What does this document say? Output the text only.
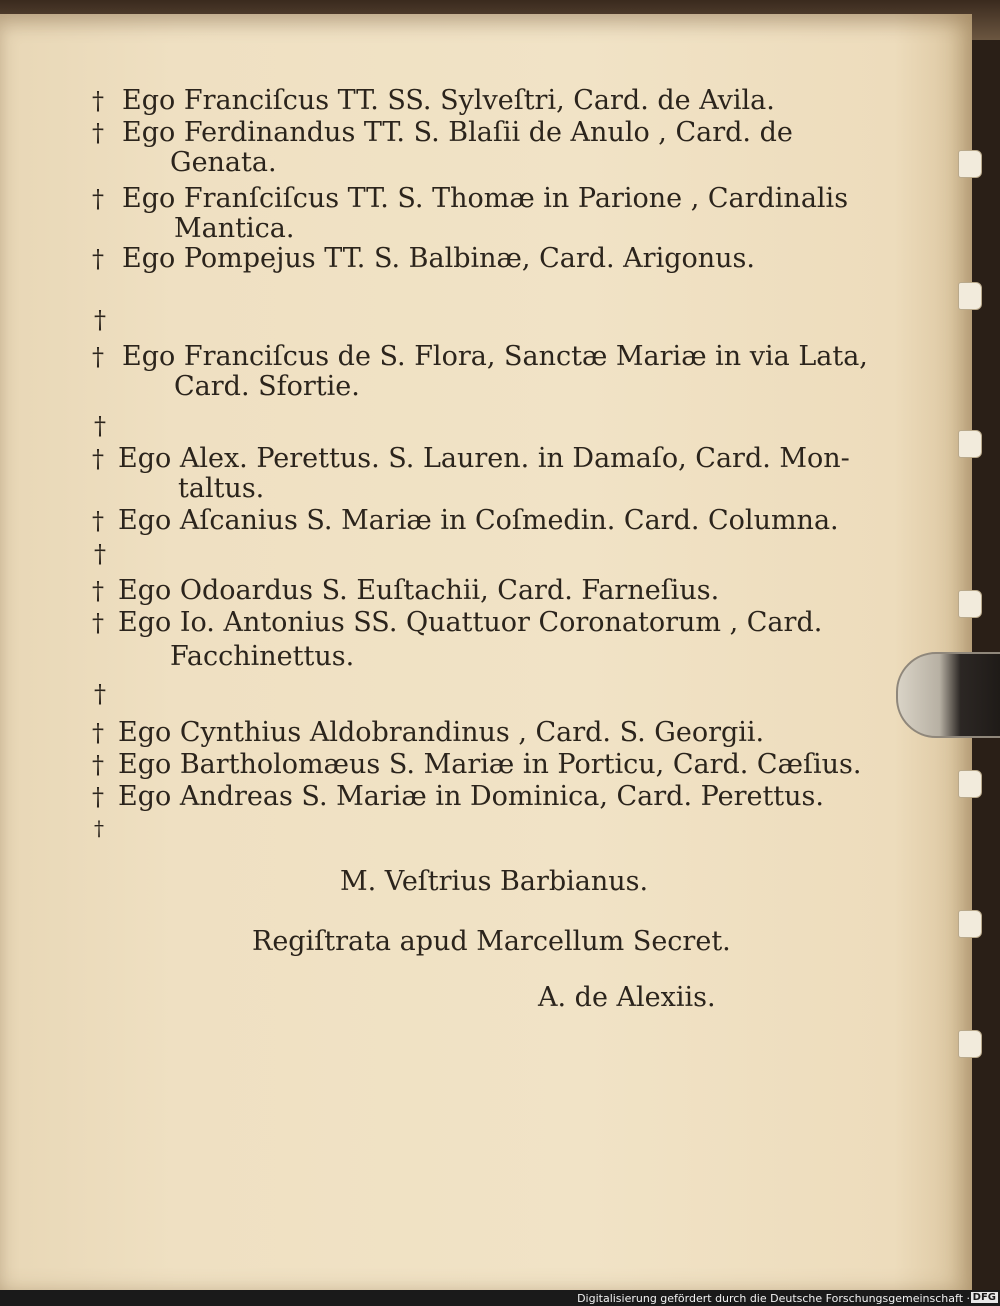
† Ego Franciſcus TT. SS. Sylveſtri, Card. de Avila.
† Ego Ferdinandus TT. S. Blaſii de Anulo , Card. de
Genata.
† Ego Franſciſcus TT. S. Thomæ in Parione , Cardinalis
Mantica.
† Ego Pompejus TT. S. Balbinæ, Card. Arigonus.
†
† Ego Franciſcus de S. Flora, Sanctæ Mariæ in via Lata,
Card. Sfortie.
†
† Ego Alex. Perettus. S. Lauren. in Damaſo, Card. Mon-
taltus.
† Ego Aſcanius S. Mariæ in Coſmedin. Card. Columna.
†
† Ego Odoardus S. Euſtachii, Card. Farneſius.
† Ego Io. Antonius SS. Quattuor Coronatorum , Card.
Facchinettus.
†
† Ego Cynthius Aldobrandinus , Card. S. Georgii.
† Ego Bartholomæus S. Mariæ in Porticu, Card. Cæſius.
† Ego Andreas S. Mariæ in Dominica, Card. Perettus.
†
M. Veſtrius Barbianus.
Regiſtrata apud Marcellum Secret.
A. de Alexiis.
Digitalisierung gefördert durch die Deutsche Forschungsgemeinschaft · DFG
